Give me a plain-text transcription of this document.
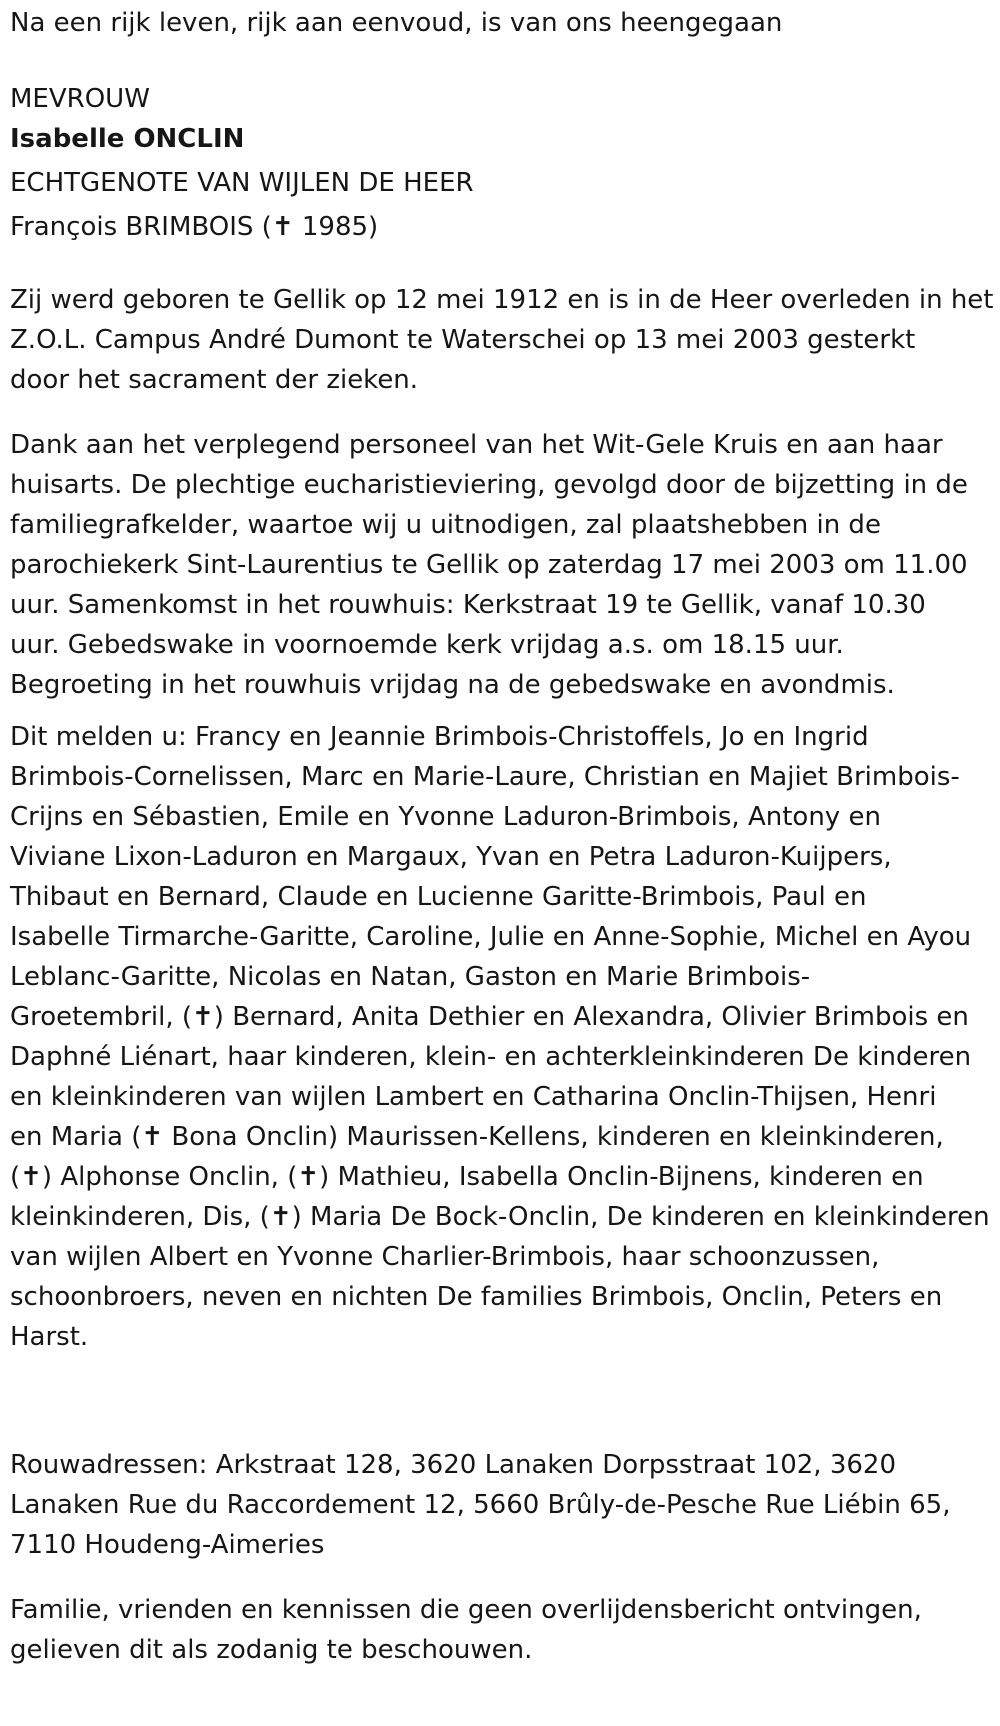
Na een rijk leven, rijk aan eenvoud, is van ons heengegaan

MEVROUW

Isabelle ONCLIN

ECHTGENOTE VAN WIJLEN DE HEER

François BRIMBOIS (✝ 1985)

Zij werd geboren te Gellik op 12 mei 1912 en is in de Heer overleden in het

Z.O.L. Campus André Dumont te Waterschei op 13 mei 2003 gesterkt

door het sacrament der zieken.

Dank aan het verplegend personeel van het Wit-Gele Kruis en aan haar

huisarts. De plechtige eucharistieviering, gevolgd door de bijzetting in de

familiegrafkelder, waartoe wij u uitnodigen, zal plaatshebben in de

parochiekerk Sint-Laurentius te Gellik op zaterdag 17 mei 2003 om 11.00

uur. Samenkomst in het rouwhuis: Kerkstraat 19 te Gellik, vanaf 10.30

uur. Gebedswake in voornoemde kerk vrijdag a.s. om 18.15 uur.

Begroeting in het rouwhuis vrijdag na de gebedswake en avondmis.

Dit melden u: Francy en Jeannie Brimbois-Christoffels, Jo en Ingrid

Brimbois-Cornelissen, Marc en Marie-Laure, Christian en Majiet Brimbois-

Crijns en Sébastien, Emile en Yvonne Laduron-Brimbois, Antony en

Viviane Lixon-Laduron en Margaux, Yvan en Petra Laduron-Kuijpers,

Thibaut en Bernard, Claude en Lucienne Garitte-Brimbois, Paul en

Isabelle Tirmarche-Garitte, Caroline, Julie en Anne-Sophie, Michel en Ayou

Leblanc-Garitte, Nicolas en Natan, Gaston en Marie Brimbois-

Groetembril, (✝) Bernard, Anita Dethier en Alexandra, Olivier Brimbois en

Daphné Liénart, haar kinderen, klein- en achterkleinkinderen De kinderen

en kleinkinderen van wijlen Lambert en Catharina Onclin-Thijsen, Henri

en Maria (✝ Bona Onclin) Maurissen-Kellens, kinderen en kleinkinderen,

(✝) Alphonse Onclin, (✝) Mathieu, Isabella Onclin-Bijnens, kinderen en

kleinkinderen, Dis, (✝) Maria De Bock-Onclin, De kinderen en kleinkinderen

van wijlen Albert en Yvonne Charlier-Brimbois, haar schoonzussen,

schoonbroers, neven en nichten De families Brimbois, Onclin, Peters en

Harst.

Rouwadressen: Arkstraat 128, 3620 Lanaken Dorpsstraat 102, 3620

Lanaken Rue du Raccordement 12, 5660 Brûly-de-Pesche Rue Liébin 65,

7110 Houdeng-Aimeries

Familie, vrienden en kennissen die geen overlijdensbericht ontvingen,

gelieven dit als zodanig te beschouwen.
